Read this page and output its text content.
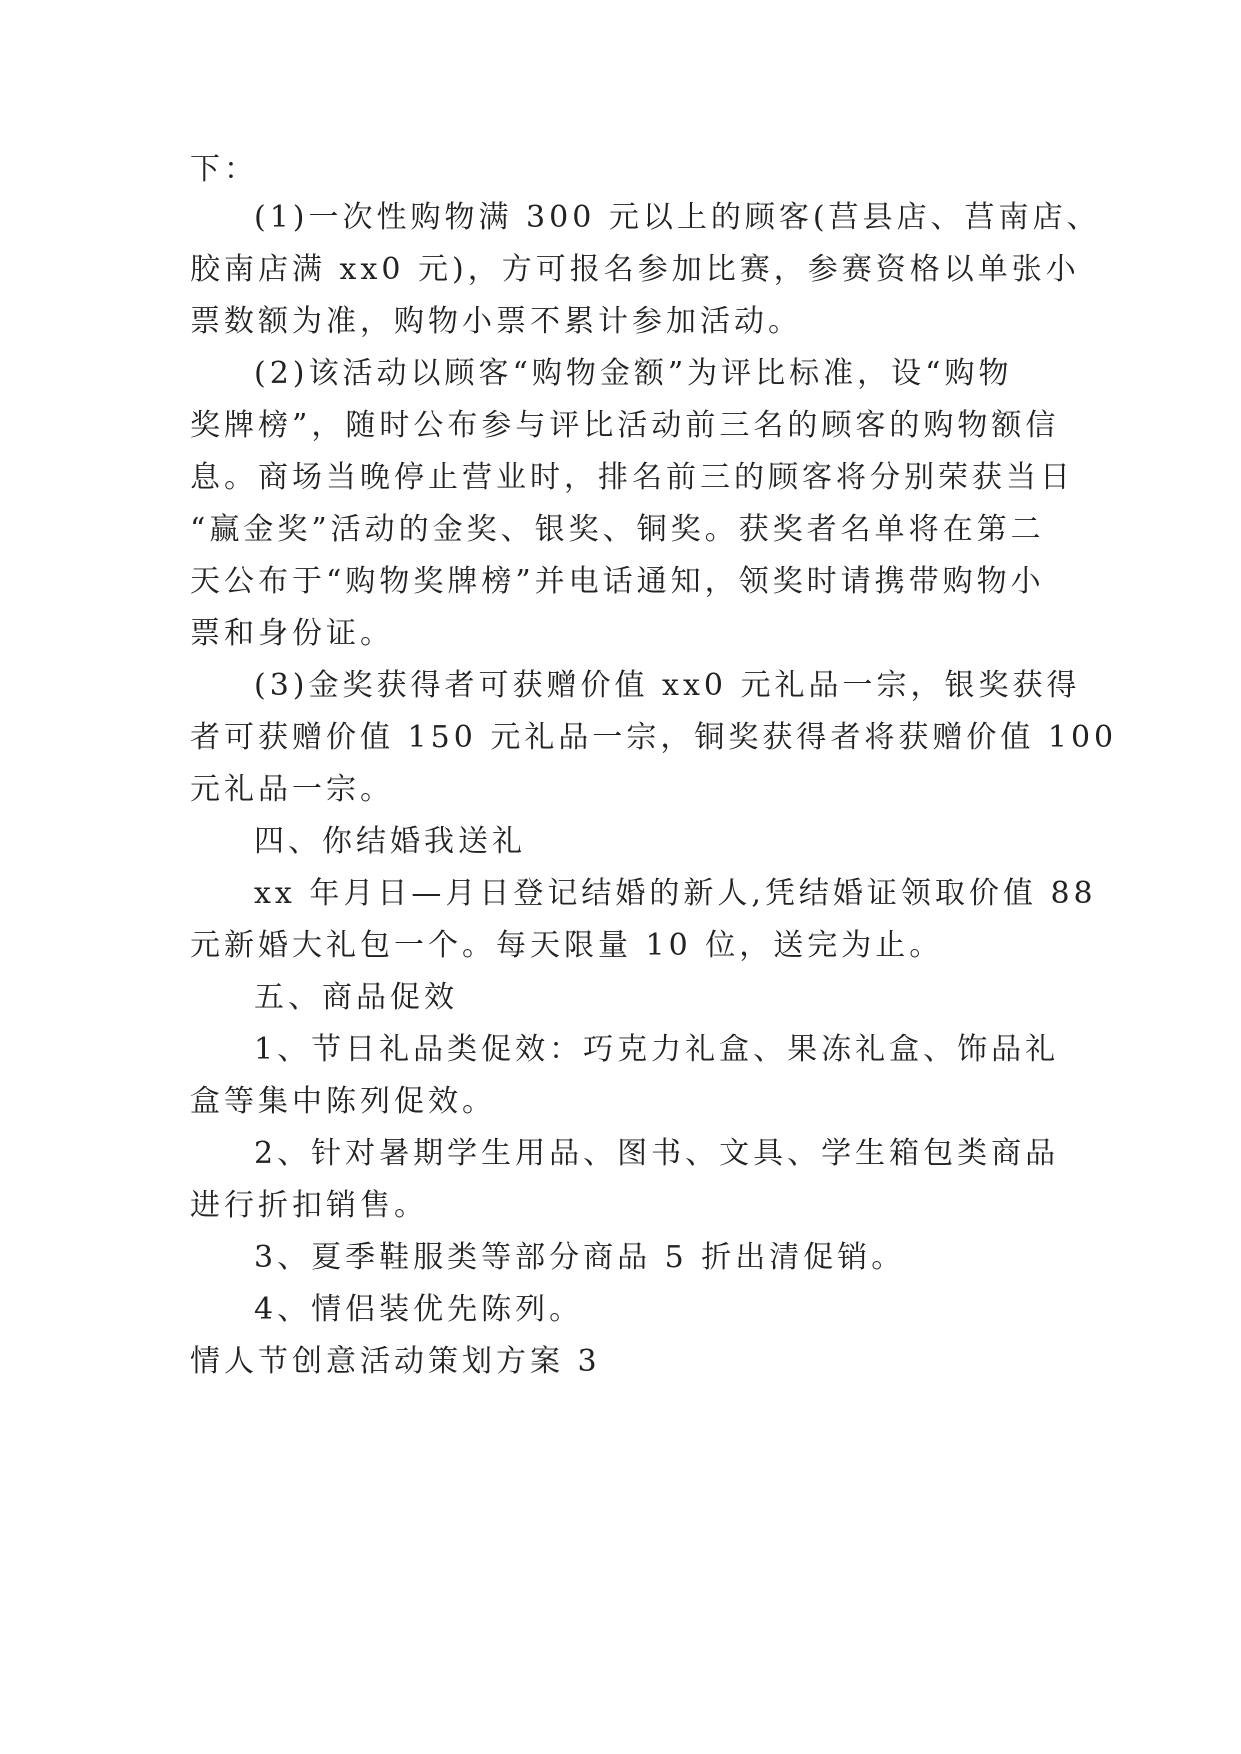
下：
(1)一次性购物满 300 元以上的顾客(莒县店、莒南店、
胶南店满 xx0 元)，方可报名参加比赛，参赛资格以单张小
票数额为准，购物小票不累计参加活动。
(2)该活动以顾客“购物金额”为评比标准，设“购物
奖牌榜”，随时公布参与评比活动前三名的顾客的购物额信
息。商场当晚停止营业时，排名前三的顾客将分别荣获当日
“赢金奖”活动的金奖、银奖、铜奖。获奖者名单将在第二
天公布于“购物奖牌榜”并电话通知，领奖时请携带购物小
票和身份证。
(3)金奖获得者可获赠价值 xx0 元礼品一宗，银奖获得
者可获赠价值 150 元礼品一宗，铜奖获得者将获赠价值 100
元礼品一宗。
四、你结婚我送礼
xx 年月日—月日登记结婚的新人,凭结婚证领取价值 88
元新婚大礼包一个。每天限量 10 位，送完为止。
五、商品促效
1、节日礼品类促效：巧克力礼盒、果冻礼盒、饰品礼
盒等集中陈列促效。
2、针对暑期学生用品、图书、文具、学生箱包类商品
进行折扣销售。
3、夏季鞋服类等部分商品 5 折出清促销。
4、情侣装优先陈列。
情人节创意活动策划方案 3
